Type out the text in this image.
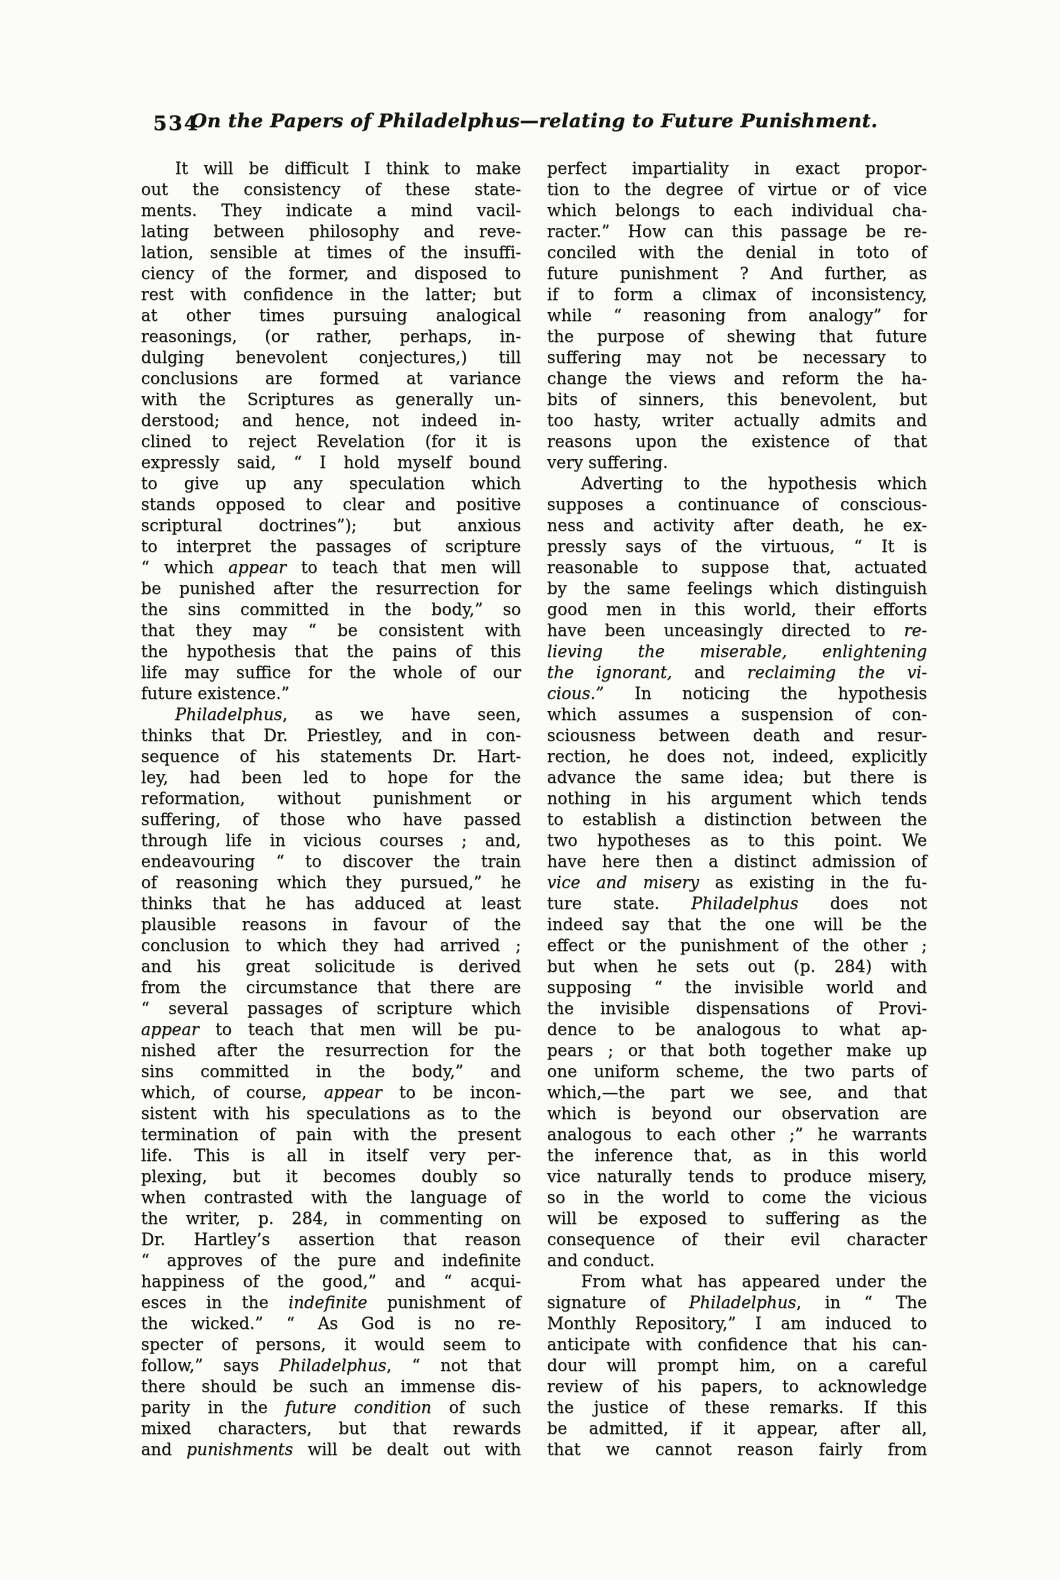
534
On the Papers of Philadelphus—relating to Future Punishment.
It will be difficult I think to make
out the consistency of these state-
ments. They indicate a mind vacil-
lating between philosophy and reve-
lation, sensible at times of the insuffi-
ciency of the former, and disposed to
rest with confidence in the latter; but
at other times pursuing analogical
reasonings, (or rather, perhaps, in-
dulging benevolent conjectures,) till
conclusions are formed at variance
with the Scriptures as generally un-
derstood; and hence, not indeed in-
clined to reject Revelation (for it is
expressly said, “ I hold myself bound
to give up any speculation which
stands opposed to clear and positive
scriptural doctrines”); but anxious
to interpret the passages of scripture
“ which appear to teach that men will
be punished after the resurrection for
the sins committed in the body,” so
that they may “ be consistent with
the hypothesis that the pains of this
life may suffice for the whole of our
future existence.”
Philadelphus, as we have seen,
thinks that Dr. Priestley, and in con-
sequence of his statements Dr. Hart-
ley, had been led to hope for the
reformation, without punishment or
suffering, of those who have passed
through life in vicious courses ; and,
endeavouring “ to discover the train
of reasoning which they pursued,” he
thinks that he has adduced at least
plausible reasons in favour of the
conclusion to which they had arrived ;
and his great solicitude is derived
from the circumstance that there are
“ several passages of scripture which
appear to teach that men will be pu-
nished after the resurrection for the
sins committed in the body,” and
which, of course, appear to be incon-
sistent with his speculations as to the
termination of pain with the present
life. This is all in itself very per-
plexing, but it becomes doubly so
when contrasted with the language of
the writer, p. 284, in commenting on
Dr. Hartley’s assertion that reason
“ approves of the pure and indefinite
happiness of the good,” and “ acqui-
esces in the indefinite punishment of
the wicked.” “ As God is no re-
specter of persons, it would seem to
follow,” says Philadelphus, “ not that
there should be such an immense dis-
parity in the future condition of such
mixed characters, but that rewards
and punishments will be dealt out with
perfect impartiality in exact propor-
tion to the degree of virtue or of vice
which belongs to each individual cha-
racter.” How can this passage be re-
conciled with the denial in toto of
future punishment ? And further, as
if to form a climax of inconsistency,
while “ reasoning from analogy” for
the purpose of shewing that future
suffering may not be necessary to
change the views and reform the ha-
bits of sinners, this benevolent, but
too hasty, writer actually admits and
reasons upon the existence of that
very suffering.
Adverting to the hypothesis which
supposes a continuance of conscious-
ness and activity after death, he ex-
pressly says of the virtuous, “ It is
reasonable to suppose that, actuated
by the same feelings which distinguish
good men in this world, their efforts
have been unceasingly directed to re-
lieving the miserable, enlightening
the ignorant, and reclaiming the vi-
cious.” In noticing the hypothesis
which assumes a suspension of con-
sciousness between death and resur-
rection, he does not, indeed, explicitly
advance the same idea; but there is
nothing in his argument which tends
to establish a distinction between the
two hypotheses as to this point. We
have here then a distinct admission of
vice and misery as existing in the fu-
ture state. Philadelphus does not
indeed say that the one will be the
effect or the punishment of the other ;
but when he sets out (p. 284) with
supposing “ the invisible world and
the invisible dispensations of Provi-
dence to be analogous to what ap-
pears ; or that both together make up
one uniform scheme, the two parts of
which,—the part we see, and that
which is beyond our observation are
analogous to each other ;” he warrants
the inference that, as in this world
vice naturally tends to produce misery,
so in the world to come the vicious
will be exposed to suffering as the
consequence of their evil character
and conduct.
From what has appeared under the
signature of Philadelphus, in “ The
Monthly Repository,” I am induced to
anticipate with confidence that his can-
dour will prompt him, on a careful
review of his papers, to acknowledge
the justice of these remarks. If this
be admitted, if it appear, after all,
that we cannot reason fairly from
